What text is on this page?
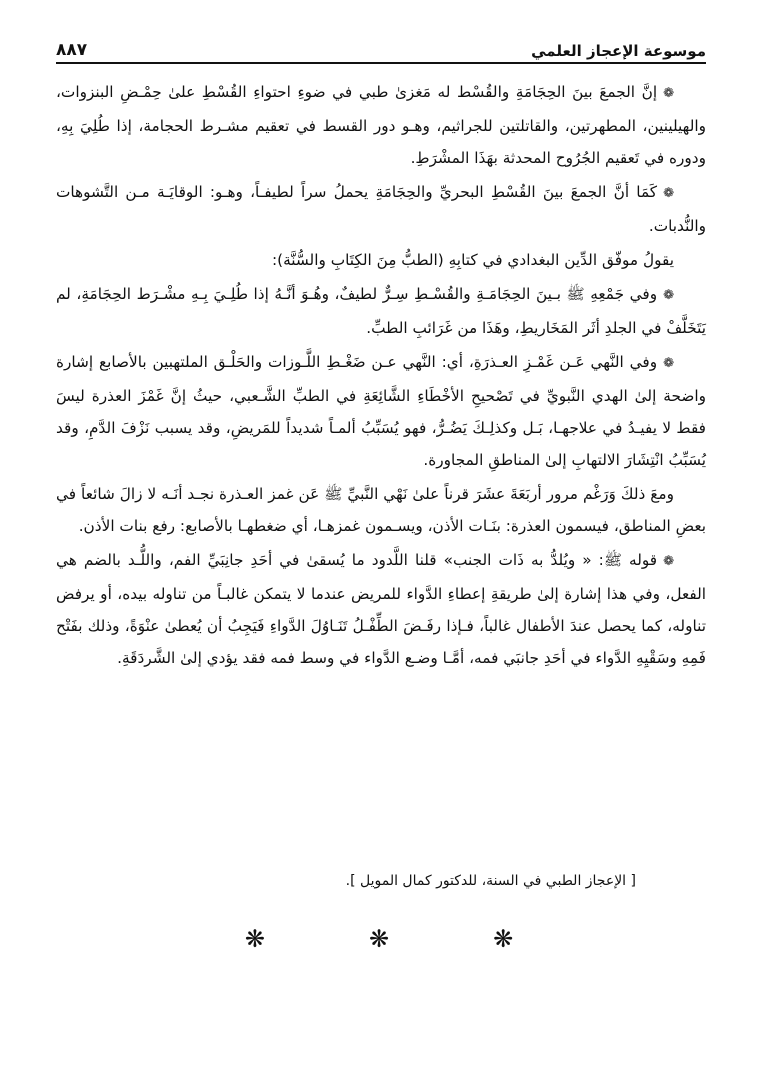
موسوعة الإعجاز العلمي
٨٨٧

❁إنَّ الجمعَ بينَ الحِجَامَةِ والقُسْط له مَغزىٰ طبي في ضوءِ احتواءِ القُسْطِ علىٰ حِمْـضِ البنزوات، والهيلينين، المطهرتين، والقاتلتين للجراثيم، وهـو دور القسط في تعقيم مشـرط الحجامة، إذا طُلِيَ بِهِ، ودوره في تَعقيم الجُرُوح المحدثة بهَذَا المشْرَطِ.

❁كَمَا أنَّ الجمعَ بينَ القُسْطِ البحريِّ والحِجَامَةِ يحملُ سراً لطيفـاً، وهـو: الوقايَـة مـن التَّشوهات والنُّدبات.

يقولُ موفّق الدِّين البغدادي في كتابِهِ (الطبُّ مِنَ الكِتَابِ والسُّنَّة):

❁وفي جَمْعِهِ ﷺ بـينَ الحِجَامَـةِ والقُسْـطِ سِـرٌّ لطيفٌ، وهُـوَ أنَّـهُ إذا طُلِـيَ بِـهِ مشْـرَط الحِجَامَةِ، لم يَتَخَلَّفْ في الجلدِ أثَر المَخَاريطِ، وهَذَا من غَرَائبِ الطبِّ.

❁وفي النَّهي عَـن غَمْـزِ العـذرَةِ، أي: النَّهي عـن ضَغْـطِ اللَّـوزات والحَلْـق الملتهبين بالأصابع إشارة واضحة إلىٰ الهدي النَّبويِّ في تَصْحيحِ الأخْطَاءِ الشَّائِعَةِ في الطبِّ الشَّـعبي، حيثُ إنَّ غَمْزَ العذرة ليسَ فقط لا يفيـدُ في علاجهـا، بَـل وكذلِـكَ يَضُـرُّ، فهو يُسَبِّبُ ألمـاً شديداً للمَريضِ، وقد يسبب نَزْفَ الدَّمِ، وقد يُسَبِّبُ انْتِشَارَ الالتهابِ إلىٰ المناطقِ المجاورة.

ومعَ ذلكَ وَرَغْم مرور أربَعَةَ عشَرَ قرناً علىٰ نَهْي النَّبيِّ ﷺ عَن غمز العـذرة نجـد أنَـه لا زالَ شائعاً في بعضِ المناطق، فيسمون العذرة: بنَـات الأذن، ويسـمون غمزهـا، أي ضغطهـا بالأصابع: رفع بنات الأذن.

❁قوله ﷺ: « ويُلدُّ به ذَات الجنب» قلنا اللَّدود ما يُسقىٰ في أحَدِ جانِبَيِّ الفم، واللُّـد بالضم هي الفعل، وفي هذا إشارة إلىٰ طريقةِ إعطاءِ الدَّواء للمريض عندما لا يتمكن غالبـاً من تناوله بيده، أو يرفض تناوله، كما يحصل عندَ الأطفال غالباً، فـإذا رفَـضَ الطِّفْـلُ تَنَـاوُلَ الدَّواءِ فَيَجِبُ أن يُعطىٰ عنْوَةً، وذلك بفَتْح فَمِهِ وسَقْيِهِ الدَّواء في أحَدِ جانبَي فمه، أمَّـا وضـع الدَّواء في وسط فمه فقد يؤدي إلىٰ الشَّردَقَةِ.

[ الإعجاز الطبي في السنة، للدكتور كمال المويل ].
❋
❋
❋
